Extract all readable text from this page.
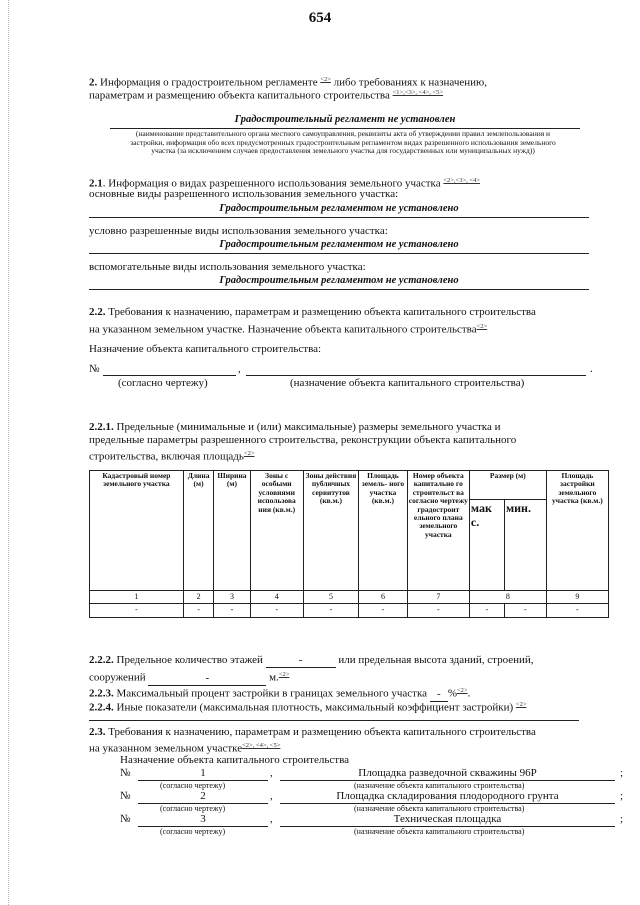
654
2. Информация о градостроительном регламенте $^{<2>}$ либо требованиях к назначению,
параметрам и размещению объекта капитального строительства $^{<1>,<3>, <4>, <5>}$
Градостроительный регламент не установлен
(наименование представительного органа местного самоуправления, реквизиты акта об утверждении правил землепользования и застройки, информация обо всех предусмотренных градостроительным регламентом видах разрешенного использования земельного участка (за исключением случаев предоставления земельного участка для государственных или муниципальных нужд))
2.1. Информация о видах разрешенного использования земельного участка $^{<2>,<3>, <4>}$
основные виды разрешенного использования земельного участка:
Градостроительным регламентом не установлено
условно разрешенные виды использования земельного участка:
Градостроительным регламентом не установлено
вспомогательные виды использования земельного участка:
Градостроительным регламентом не установлено
2.2. Требования к назначению, параметрам и размещению объекта капитального строительства
на указанном земельном участке. Назначение объекта капитального строительства$^{<2>}$
Назначение объекта капитального строительства:
№	,	.
(согласно чертежу)	(назначение объекта капитального строительства)
2.2.1. Предельные (минимальные и (или) максимальные) размеры земельного участка и
предельные параметры разрешенного строительства, реконструкции объекта капитального
строительства, включая площадь$^{<2>}$
Кадастровый номер земельного участка	Длина (м)	Ширина (м)	Зоны с особыми условиями использова ния (кв.м.)	Зоны действия публичных сервитутов (кв.м.)	Площадь земель- ного участка (кв.м.)	Номер объекта капитально го строительст ва согласно чертежу градостроит ельного плана земельного участка	Размер (м)		Площадь застройки земельного участка (кв.м.)
							мак с.	мин.	
1	2	3	4	5	6	7	8		9
-	-	-	-	-	-	-	-	-	-
2.2.2. Предельное количество этажей	-	или предельная высота зданий, строений,
сооружений	-	м.$^{<2>}$
2.2.3. Максимальный процент застройки в границах земельного участка - %$^{<2>}$.
2.2.4. Иные показатели (максимальная плотность, максимальный коэффициент застройки) $^{<2>}$
2.3. Требования к назначению, параметрам и размещению объекта капитального строительства
на указанном земельном участке$^{<2>, <4>, <5>}$
Назначение объекта капитального строительства
№	1	,	Площадка разведочной скважины 96Р	;
(согласно чертежу)	(назначение объекта капитального строительства)
№	2	,	Площадка складирования плодородного грунта	;
(согласно чертежу)	(назначение объекта капитального строительства)
№	3	,	Техническая площадка	;
(согласно чертежу)	(назначение объекта капитального строительства)
